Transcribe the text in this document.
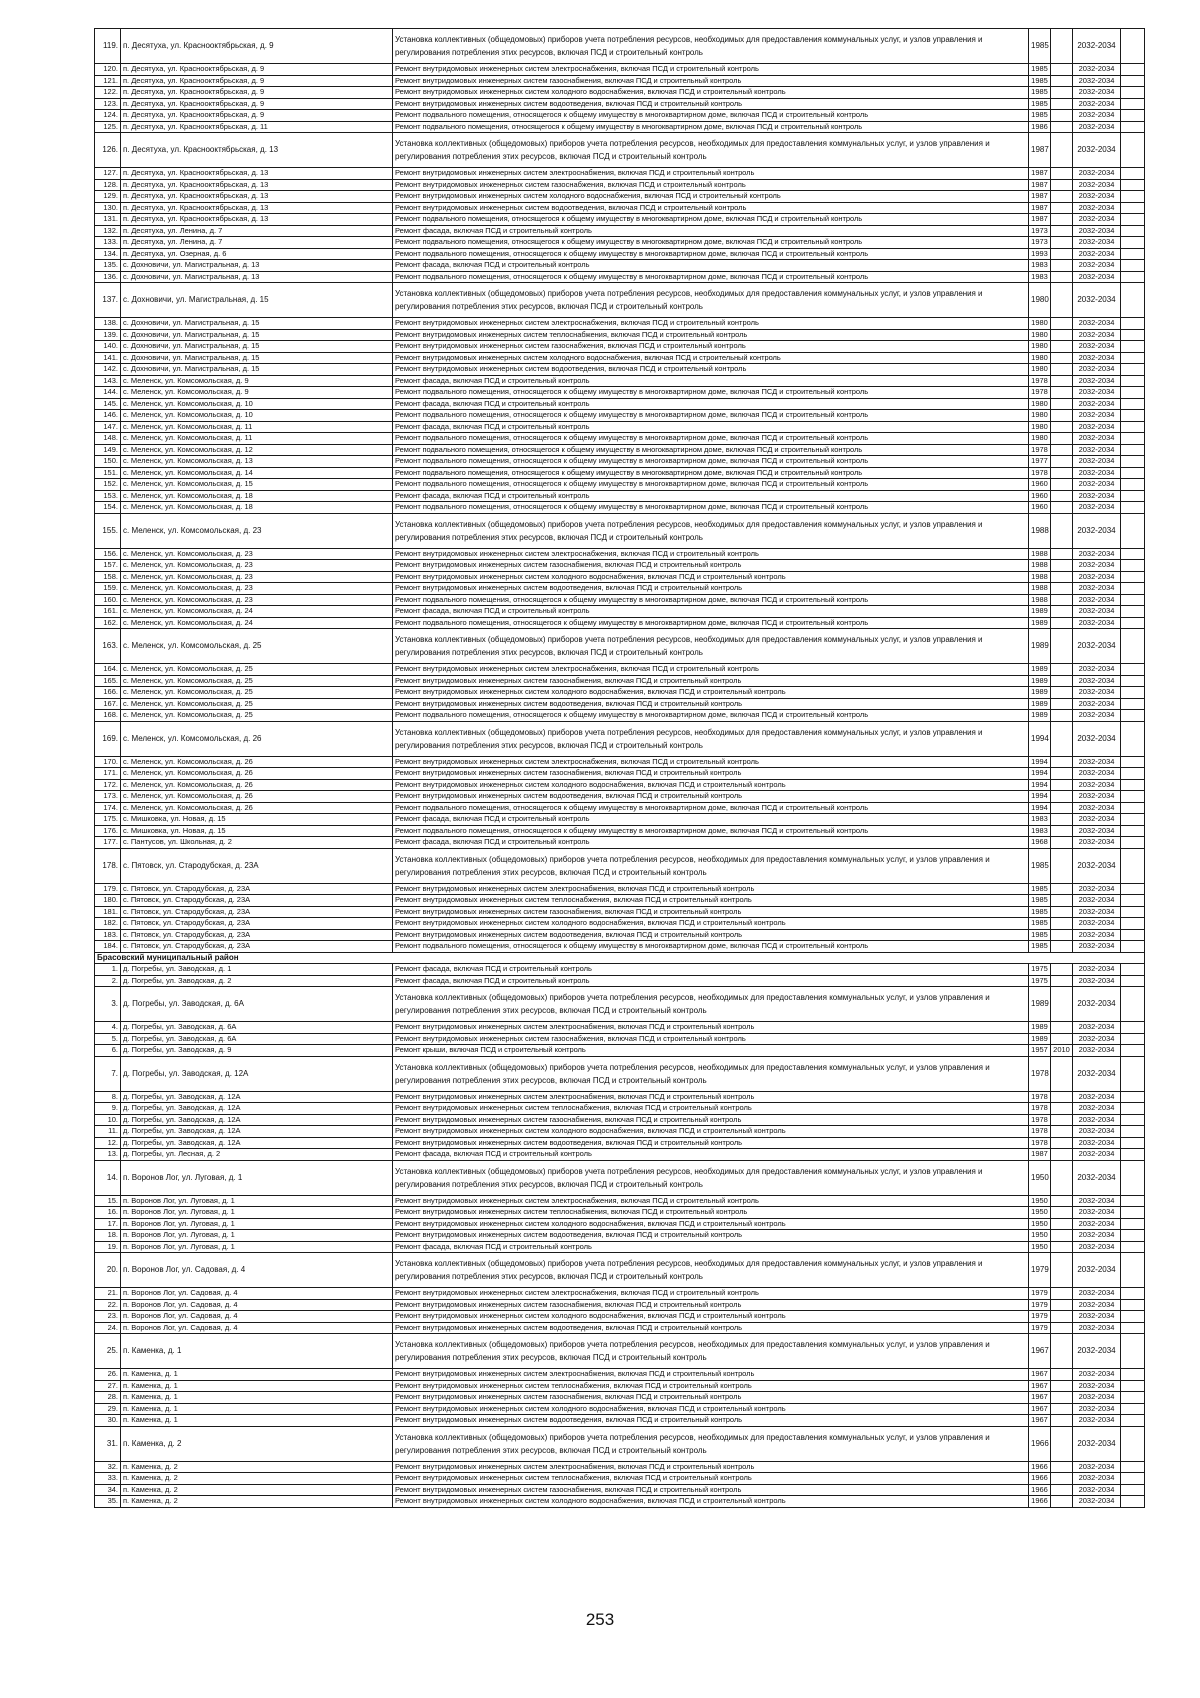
119.	п. Десятуха, ул. Красноoктябрьская, д. 9	Установка коллективных (общедомовых) приборов учета потребления ресурсов, необходимых для предоставления коммунальных услуг, и узлов управления и регулирования потребления этих ресурсов, включая ПСД и строительный контроль	1985		2032-2034	
120.	п. Десятуха, ул. Красноoктябрьская, д. 9	Ремонт внутридомовых инженерных систем электроснабжения, включая ПСД и строительный контроль	1985		2032-2034	
121.	п. Десятуха, ул. Красноoктябрьская, д. 9	Ремонт внутридомовых инженерных систем газоснабжения, включая ПСД и строительный контроль	1985		2032-2034	
122.	п. Десятуха, ул. Красноoктябрьская, д. 9	Ремонт внутридомовых инженерных систем холодного водоснабжения, включая ПСД и строительный контроль	1985		2032-2034	
123.	п. Десятуха, ул. Красноoктябрьская, д. 9	Ремонт внутридомовых инженерных систем водоотведения, включая ПСД и строительный контроль	1985		2032-2034	
124.	п. Десятуха, ул. Красноoктябрьская, д. 9	Ремонт подвального помещения, относящегося к общему имуществу в многоквартирном доме, включая ПСД и строительный контроль	1985		2032-2034	
125.	п. Десятуха, ул. Красноoктябрьская, д. 11	Ремонт подвального помещения, относящегося к общему имуществу в многоквартирном доме, включая ПСД и строительный контроль	1986		2032-2034	
126.	п. Десятуха, ул. Красноoктябрьская, д. 13	Установка коллективных (общедомовых) приборов учета потребления ресурсов, необходимых для предоставления коммунальных услуг, и узлов управления и регулирования потребления этих ресурсов, включая ПСД и строительный контроль	1987		2032-2034	
127.	п. Десятуха, ул. Красноoктябрьская, д. 13	Ремонт внутридомовых инженерных систем электроснабжения, включая ПСД и строительный контроль	1987		2032-2034	
128.	п. Десятуха, ул. Красноoктябрьская, д. 13	Ремонт внутридомовых инженерных систем газоснабжения, включая ПСД и строительный контроль	1987		2032-2034	
129.	п. Десятуха, ул. Красноoктябрьская, д. 13	Ремонт внутридомовых инженерных систем холодного водоснабжения, включая ПСД и строительный контроль	1987		2032-2034	
130.	п. Десятуха, ул. Красноoктябрьская, д. 13	Ремонт внутридомовых инженерных систем водоотведения, включая ПСД и строительный контроль	1987		2032-2034	
131.	п. Десятуха, ул. Красноoктябрьская, д. 13	Ремонт подвального помещения, относящегося к общему имуществу в многоквартирном доме, включая ПСД и строительный контроль	1987		2032-2034	
132.	п. Десятуха, ул. Ленина, д. 7	Ремонт фасада, включая ПСД и строительный контроль	1973		2032-2034	
133.	п. Десятуха, ул. Ленина, д. 7	Ремонт подвального помещения, относящегося к общему имуществу в многоквартирном доме, включая ПСД и строительный контроль	1973		2032-2034	
134.	п. Десятуха, ул. Озерная, д. 6	Ремонт подвального помещения, относящегося к общему имуществу в многоквартирном доме, включая ПСД и строительный контроль	1993		2032-2034	
135.	с. Дохновичи, ул. Магистральная, д. 13	Ремонт фасада, включая ПСД и строительный контроль	1983		2032-2034	
136.	с. Дохновичи, ул. Магистральная, д. 13	Ремонт подвального помещения, относящегося к общему имуществу в многоквартирном доме, включая ПСД и строительный контроль	1983		2032-2034	
137.	с. Дохновичи, ул. Магистральная, д. 15	Установка коллективных (общедомовых) приборов учета потребления ресурсов, необходимых для предоставления коммунальных услуг, и узлов управления и регулирования потребления этих ресурсов, включая ПСД и строительный контроль	1980		2032-2034	
138.	с. Дохновичи, ул. Магистральная, д. 15	Ремонт внутридомовых инженерных систем электроснабжения, включая ПСД и строительный контроль	1980		2032-2034	
139.	с. Дохновичи, ул. Магистральная, д. 15	Ремонт внутридомовых инженерных систем теплоснабжения, включая ПСД и строительный контроль	1980		2032-2034	
140.	с. Дохновичи, ул. Магистральная, д. 15	Ремонт внутридомовых инженерных систем газоснабжения, включая ПСД и строительный контроль	1980		2032-2034	
141.	с. Дохновичи, ул. Магистральная, д. 15	Ремонт внутридомовых инженерных систем холодного водоснабжения, включая ПСД и строительный контроль	1980		2032-2034	
142.	с. Дохновичи, ул. Магистральная, д. 15	Ремонт внутридомовых инженерных систем водоотведения, включая ПСД и строительный контроль	1980		2032-2034	
143.	с. Меленск, ул. Комсомольская, д. 9	Ремонт фасада, включая ПСД и строительный контроль	1978		2032-2034	
144.	с. Меленск, ул. Комсомольская, д. 9	Ремонт подвального помещения, относящегося к общему имуществу в многоквартирном доме, включая ПСД и строительный контроль	1978		2032-2034	
145.	с. Меленск, ул. Комсомольская, д. 10	Ремонт фасада, включая ПСД и строительный контроль	1980		2032-2034	
146.	с. Меленск, ул. Комсомольская, д. 10	Ремонт подвального помещения, относящегося к общему имуществу в многоквартирном доме, включая ПСД и строительный контроль	1980		2032-2034	
147.	с. Меленск, ул. Комсомольская, д. 11	Ремонт фасада, включая ПСД и строительный контроль	1980		2032-2034	
148.	с. Меленск, ул. Комсомольская, д. 11	Ремонт подвального помещения, относящегося к общему имуществу в многоквартирном доме, включая ПСД и строительный контроль	1980		2032-2034	
149.	с. Меленск, ул. Комсомольская, д. 12	Ремонт подвального помещения, относящегося к общему имуществу в многоквартирном доме, включая ПСД и строительный контроль	1978		2032-2034	
150.	с. Меленск, ул. Комсомольская, д. 13	Ремонт подвального помещения, относящегося к общему имуществу в многоквартирном доме, включая ПСД и строительный контроль	1977		2032-2034	
151.	с. Меленск, ул. Комсомольская, д. 14	Ремонт подвального помещения, относящегося к общему имуществу в многоквартирном доме, включая ПСД и строительный контроль	1978		2032-2034	
152.	с. Меленск, ул. Комсомольская, д. 15	Ремонт подвального помещения, относящегося к общему имуществу в многоквартирном доме, включая ПСД и строительный контроль	1960		2032-2034	
153.	с. Меленск, ул. Комсомольская, д. 18	Ремонт фасада, включая ПСД и строительный контроль	1960		2032-2034	
154.	с. Меленск, ул. Комсомольская, д. 18	Ремонт подвального помещения, относящегося к общему имуществу в многоквартирном доме, включая ПСД и строительный контроль	1960		2032-2034	
155.	с. Меленск, ул. Комсомольская, д. 23	Установка коллективных (общедомовых) приборов учета потребления ресурсов, необходимых для предоставления коммунальных услуг, и узлов управления и регулирования потребления этих ресурсов, включая ПСД и строительный контроль	1988		2032-2034	
156.	с. Меленск, ул. Комсомольская, д. 23	Ремонт внутридомовых инженерных систем электроснабжения, включая ПСД и строительный контроль	1988		2032-2034	
157.	с. Меленск, ул. Комсомольская, д. 23	Ремонт внутридомовых инженерных систем газоснабжения, включая ПСД и строительный контроль	1988		2032-2034	
158.	с. Меленск, ул. Комсомольская, д. 23	Ремонт внутридомовых инженерных систем холодного водоснабжения, включая ПСД и строительный контроль	1988		2032-2034	
159.	с. Меленск, ул. Комсомольская, д. 23	Ремонт внутридомовых инженерных систем водоотведения, включая ПСД и строительный контроль	1988		2032-2034	
160.	с. Меленск, ул. Комсомольская, д. 23	Ремонт подвального помещения, относящегося к общему имуществу в многоквартирном доме, включая ПСД и строительный контроль	1988		2032-2034	
161.	с. Меленск, ул. Комсомольская, д. 24	Ремонт фасада, включая ПСД и строительный контроль	1989		2032-2034	
162.	с. Меленск, ул. Комсомольская, д. 24	Ремонт подвального помещения, относящегося к общему имуществу в многоквартирном доме, включая ПСД и строительный контроль	1989		2032-2034	
163.	с. Меленск, ул. Комсомольская, д. 25	Установка коллективных (общедомовых) приборов учета потребления ресурсов, необходимых для предоставления коммунальных услуг, и узлов управления и регулирования потребления этих ресурсов, включая ПСД и строительный контроль	1989		2032-2034	
164.	с. Меленск, ул. Комсомольская, д. 25	Ремонт внутридомовых инженерных систем электроснабжения, включая ПСД и строительный контроль	1989		2032-2034	
165.	с. Меленск, ул. Комсомольская, д. 25	Ремонт внутридомовых инженерных систем газоснабжения, включая ПСД и строительный контроль	1989		2032-2034	
166.	с. Меленск, ул. Комсомольская, д. 25	Ремонт внутридомовых инженерных систем холодного водоснабжения, включая ПСД и строительный контроль	1989		2032-2034	
167.	с. Меленск, ул. Комсомольская, д. 25	Ремонт внутридомовых инженерных систем водоотведения, включая ПСД и строительный контроль	1989		2032-2034	
168.	с. Меленск, ул. Комсомольская, д. 25	Ремонт подвального помещения, относящегося к общему имуществу в многоквартирном доме, включая ПСД и строительный контроль	1989		2032-2034	
169.	с. Меленск, ул. Комсомольская, д. 26	Установка коллективных (общедомовых) приборов учета потребления ресурсов, необходимых для предоставления коммунальных услуг, и узлов управления и регулирования потребления этих ресурсов, включая ПСД и строительный контроль	1994		2032-2034	
170.	с. Меленск, ул. Комсомольская, д. 26	Ремонт внутридомовых инженерных систем электроснабжения, включая ПСД и строительный контроль	1994		2032-2034	
171.	с. Меленск, ул. Комсомольская, д. 26	Ремонт внутридомовых инженерных систем газоснабжения, включая ПСД и строительный контроль	1994		2032-2034	
172.	с. Меленск, ул. Комсомольская, д. 26	Ремонт внутридомовых инженерных систем холодного водоснабжения, включая ПСД и строительный контроль	1994		2032-2034	
173.	с. Меленск, ул. Комсомольская, д. 26	Ремонт внутридомовых инженерных систем водоотведения, включая ПСД и строительный контроль	1994		2032-2034	
174.	с. Меленск, ул. Комсомольская, д. 26	Ремонт подвального помещения, относящегося к общему имуществу в многоквартирном доме, включая ПСД и строительный контроль	1994		2032-2034	
175.	с. Мишковка, ул. Новая, д. 15	Ремонт фасада, включая ПСД и строительный контроль	1983		2032-2034	
176.	с. Мишковка, ул. Новая, д. 15	Ремонт подвального помещения, относящегося к общему имуществу в многоквартирном доме, включая ПСД и строительный контроль	1983		2032-2034	
177.	с. Пантусов, ул. Школьная, д. 2	Ремонт фасада, включая ПСД и строительный контроль	1968		2032-2034	
178.	с. Пятовск, ул. Стародубская, д. 23А	Установка коллективных (общедомовых) приборов учета потребления ресурсов, необходимых для предоставления коммунальных услуг, и узлов управления и регулирования потребления этих ресурсов, включая ПСД и строительный контроль	1985		2032-2034	
179.	с. Пятовск, ул. Стародубская, д. 23А	Ремонт внутридомовых инженерных систем электроснабжения, включая ПСД и строительный контроль	1985		2032-2034	
180.	с. Пятовск, ул. Стародубская, д. 23А	Ремонт внутридомовых инженерных систем теплоснабжения, включая ПСД и строительный контроль	1985		2032-2034	
181.	с. Пятовск, ул. Стародубская, д. 23А	Ремонт внутридомовых инженерных систем газоснабжения, включая ПСД и строительный контроль	1985		2032-2034	
182.	с. Пятовск, ул. Стародубская, д. 23А	Ремонт внутридомовых инженерных систем холодного водоснабжения, включая ПСД и строительный контроль	1985		2032-2034	
183.	с. Пятовск, ул. Стародубская, д. 23А	Ремонт внутридомовых инженерных систем водоотведения, включая ПСД и строительный контроль	1985		2032-2034	
184.	с. Пятовск, ул. Стародубская, д. 23А	Ремонт подвального помещения, относящегося к общему имуществу в многоквартирном доме, включая ПСД и строительный контроль	1985		2032-2034	
Брасовский муниципальный район						
1.	д. Погребы, ул. Заводская, д. 1	Ремонт фасада, включая ПСД и строительный контроль	1975		2032-2034	
2.	д. Погребы, ул. Заводская, д. 2	Ремонт фасада, включая ПСД и строительный контроль	1975		2032-2034	
3.	д. Погребы, ул. Заводская, д. 6А	Установка коллективных (общедомовых) приборов учета потребления ресурсов, необходимых для предоставления коммунальных услуг, и узлов управления и регулирования потребления этих ресурсов, включая ПСД и строительный контроль	1989		2032-2034	
4.	д. Погребы, ул. Заводская, д. 6А	Ремонт внутридомовых инженерных систем электроснабжения, включая ПСД и строительный контроль	1989		2032-2034	
5.	д. Погребы, ул. Заводская, д. 6А	Ремонт внутридомовых инженерных систем газоснабжения, включая ПСД и строительный контроль	1989		2032-2034	
6.	д. Погребы, ул. Заводская, д. 9	Ремонт крыши, включая ПСД и строительный контроль	1957	2010	2032-2034	
7.	д. Погребы, ул. Заводская, д. 12А	Установка коллективных (общедомовых) приборов учета потребления ресурсов, необходимых для предоставления коммунальных услуг, и узлов управления и регулирования потребления этих ресурсов, включая ПСД и строительный контроль	1978		2032-2034	
8.	д. Погребы, ул. Заводская, д. 12А	Ремонт внутридомовых инженерных систем электроснабжения, включая ПСД и строительный контроль	1978		2032-2034	
9.	д. Погребы, ул. Заводская, д. 12А	Ремонт внутридомовых инженерных систем теплоснабжения, включая ПСД и строительный контроль	1978		2032-2034	
10.	д. Погребы, ул. Заводская, д. 12А	Ремонт внутридомовых инженерных систем газоснабжения, включая ПСД и строительный контроль	1978		2032-2034	
11.	д. Погребы, ул. Заводская, д. 12А	Ремонт внутридомовых инженерных систем холодного водоснабжения, включая ПСД и строительный контроль	1978		2032-2034	
12.	д. Погребы, ул. Заводская, д. 12А	Ремонт внутридомовых инженерных систем водоотведения, включая ПСД и строительный контроль	1978		2032-2034	
13.	д. Погребы, ул. Лесная, д. 2	Ремонт фасада, включая ПСД и строительный контроль	1987		2032-2034	
14.	п. Воронов Лог, ул. Луговая, д. 1	Установка коллективных (общедомовых) приборов учета потребления ресурсов, необходимых для предоставления коммунальных услуг, и узлов управления и регулирования потребления этих ресурсов, включая ПСД и строительный контроль	1950		2032-2034	
15.	п. Воронов Лог, ул. Луговая, д. 1	Ремонт внутридомовых инженерных систем электроснабжения, включая ПСД и строительный контроль	1950		2032-2034	
16.	п. Воронов Лог, ул. Луговая, д. 1	Ремонт внутридомовых инженерных систем теплоснабжения, включая ПСД и строительный контроль	1950		2032-2034	
17.	п. Воронов Лог, ул. Луговая, д. 1	Ремонт внутридомовых инженерных систем холодного водоснабжения, включая ПСД и строительный контроль	1950		2032-2034	
18.	п. Воронов Лог, ул. Луговая, д. 1	Ремонт внутридомовых инженерных систем водоотведения, включая ПСД и строительный контроль	1950		2032-2034	
19.	п. Воронов Лог, ул. Луговая, д. 1	Ремонт фасада, включая ПСД и строительный контроль	1950		2032-2034	
20.	п. Воронов Лог, ул. Садовая, д. 4	Установка коллективных (общедомовых) приборов учета потребления ресурсов, необходимых для предоставления коммунальных услуг, и узлов управления и регулирования потребления этих ресурсов, включая ПСД и строительный контроль	1979		2032-2034	
21.	п. Воронов Лог, ул. Садовая, д. 4	Ремонт внутридомовых инженерных систем электроснабжения, включая ПСД и строительный контроль	1979		2032-2034	
22.	п. Воронов Лог, ул. Садовая, д. 4	Ремонт внутридомовых инженерных систем газоснабжения, включая ПСД и строительный контроль	1979		2032-2034	
23.	п. Воронов Лог, ул. Садовая, д. 4	Ремонт внутридомовых инженерных систем холодного водоснабжения, включая ПСД и строительный контроль	1979		2032-2034	
24.	п. Воронов Лог, ул. Садовая, д. 4	Ремонт внутридомовых инженерных систем водоотведения, включая ПСД и строительный контроль	1979		2032-2034	
25.	п. Каменка, д. 1	Установка коллективных (общедомовых) приборов учета потребления ресурсов, необходимых для предоставления коммунальных услуг, и узлов управления и регулирования потребления этих ресурсов, включая ПСД и строительный контроль	1967		2032-2034	
26.	п. Каменка, д. 1	Ремонт внутридомовых инженерных систем электроснабжения, включая ПСД и строительный контроль	1967		2032-2034	
27.	п. Каменка, д. 1	Ремонт внутридомовых инженерных систем теплоснабжения, включая ПСД и строительный контроль	1967		2032-2034	
28.	п. Каменка, д. 1	Ремонт внутридомовых инженерных систем газоснабжения, включая ПСД и строительный контроль	1967		2032-2034	
29.	п. Каменка, д. 1	Ремонт внутридомовых инженерных систем холодного водоснабжения, включая ПСД и строительный контроль	1967		2032-2034	
30.	п. Каменка, д. 1	Ремонт внутридомовых инженерных систем водоотведения, включая ПСД и строительный контроль	1967		2032-2034	
31.	п. Каменка, д. 2	Установка коллективных (общедомовых) приборов учета потребления ресурсов, необходимых для предоставления коммунальных услуг, и узлов управления и регулирования потребления этих ресурсов, включая ПСД и строительный контроль	1966		2032-2034	
32.	п. Каменка, д. 2	Ремонт внутридомовых инженерных систем электроснабжения, включая ПСД и строительный контроль	1966		2032-2034	
33.	п. Каменка, д. 2	Ремонт внутридомовых инженерных систем теплоснабжения, включая ПСД и строительный контроль	1966		2032-2034	
34.	п. Каменка, д. 2	Ремонт внутридомовых инженерных систем газоснабжения, включая ПСД и строительный контроль	1966		2032-2034	
35.	п. Каменка, д. 2	Ремонт внутридомовых инженерных систем холодного водоснабжения, включая ПСД и строительный контроль	1966		2032-2034	
253
